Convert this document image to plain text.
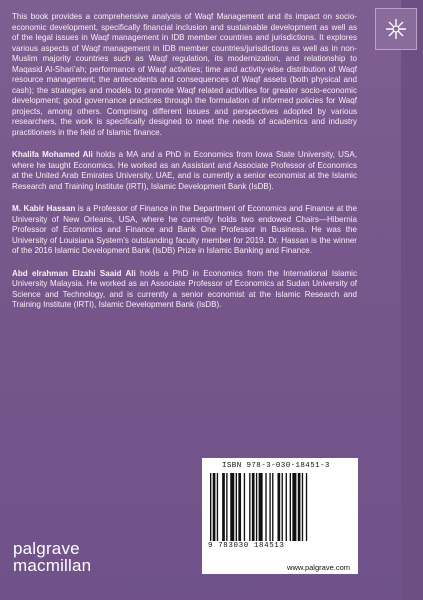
This book provides a comprehensive analysis of Waqf Management and its impact on socio-economic development, specifically financial inclusion and sustainable development as well as of the legal issues in Waqf management in IDB member countries and jurisdictions. It explores various aspects of Waqf management in IDB member countries/jurisdictions as well as in non-Muslim majority countries such as Waqf regulation, its modernization, and relationship to Maqasid Al-Shari’ah; performance of Waqf activities; time and activity-wise distribution of Waqf resource management; the antecedents and consequences of Waqf assets (both physical and cash); the strategies and models to promote Waqf related activities for greater socio-economic development; good governance practices through the formulation of informed policies for Waqf projects, among others. Comprising different issues and perspectives adopted by various researchers, the work is specifically designed to meet the needs of academics and industry practitioners in the field of Islamic finance.

Khalifa Mohamed Ali holds a MA and a PhD in Economics from Iowa State University, USA, where he taught Economics. He worked as an Assistant and Associate Professor of Economics at the United Arab Emirates University, UAE, and is currently a senior economist at the Islamic Research and Training Institute (IRTI), Islamic Development Bank (IsDB).

M. Kabir Hassan is a Professor of Finance in the Department of Economics and Finance at the University of New Orleans, USA, where he currently holds two endowed Chairs—Hibernia Professor of Economics and Finance and Bank One Professor in Business. He was the University of Louisiana System’s outstanding faculty member for 2019. Dr. Hassan is the winner of the 2016 Islamic Development Bank (IsDB) Prize in Islamic Banking and Finance.

Abd elrahman Elzahi Saaid Ali holds a PhD in Economics from the International Islamic University Malaysia. He worked as an Associate Professor of Economics at Sudan University of Science and Technology, and is currently a senior economist at the Islamic Research and Training Institute (IRTI), Islamic Development Bank (IsDB).

ISBN 978-3-030-18451-3
9 783030 184513
www.palgrave.com
palgrave
macmillan
